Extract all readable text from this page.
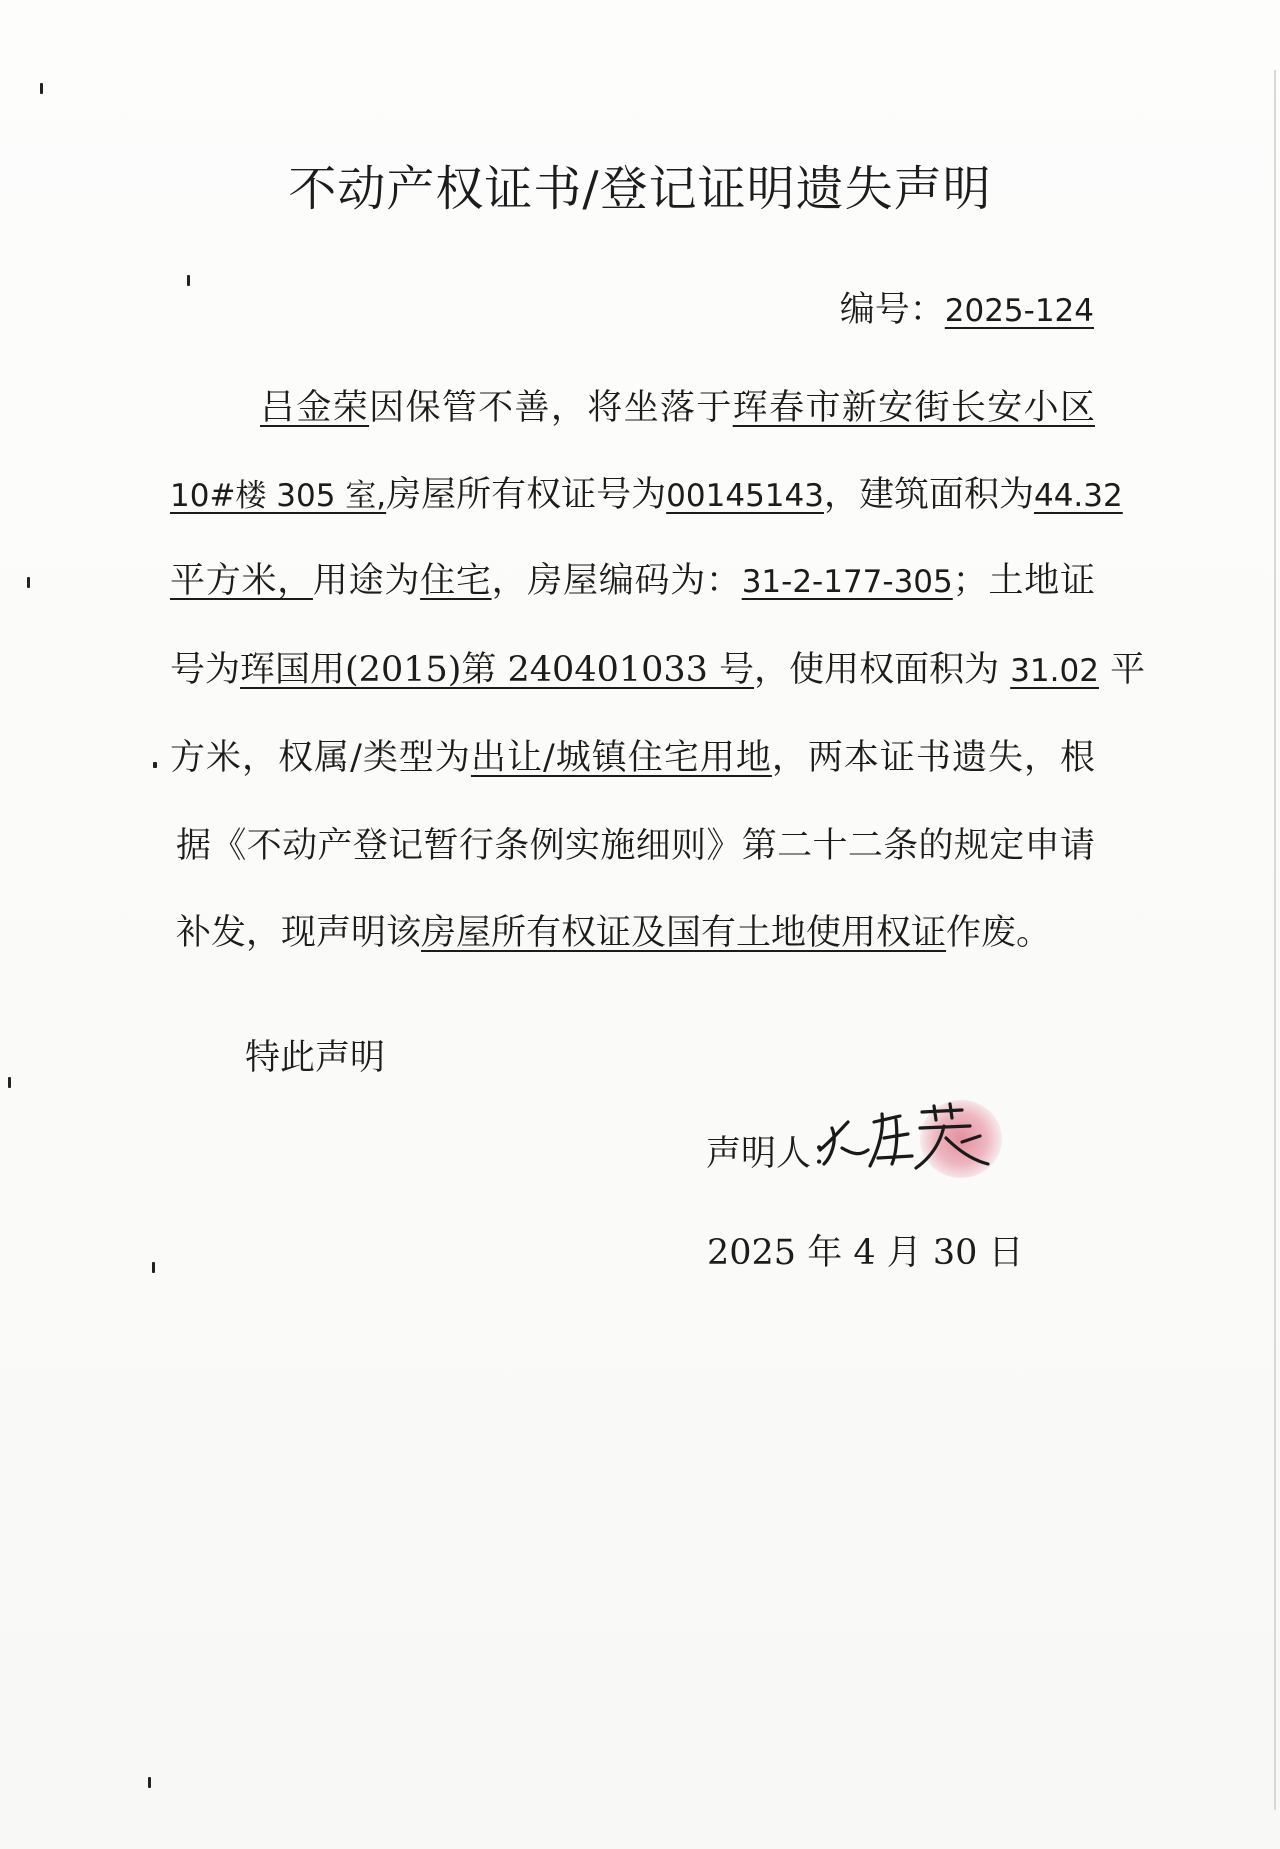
不动产权证书/登记证明遗失声明
编号：2025-124
吕金荣因保管不善，将坐落于珲春市新安街长安小区
10#楼 305 室,房屋所有权证号为00145143，建筑面积为44.32
平方米，用途为住宅，房屋编码为：31-2-177-305；土地证
号为珲国用(2015)第 240401033 号，使用权面积为 31.02 平
方米，权属/类型为出让/城镇住宅用地，两本证书遗失，根
据《不动产登记暂行条例实施细则》第二十二条的规定申请
补发，现声明该房屋所有权证及国有土地使用权证作废。
特此声明
声明人：
2025 年 4 月 30 日
